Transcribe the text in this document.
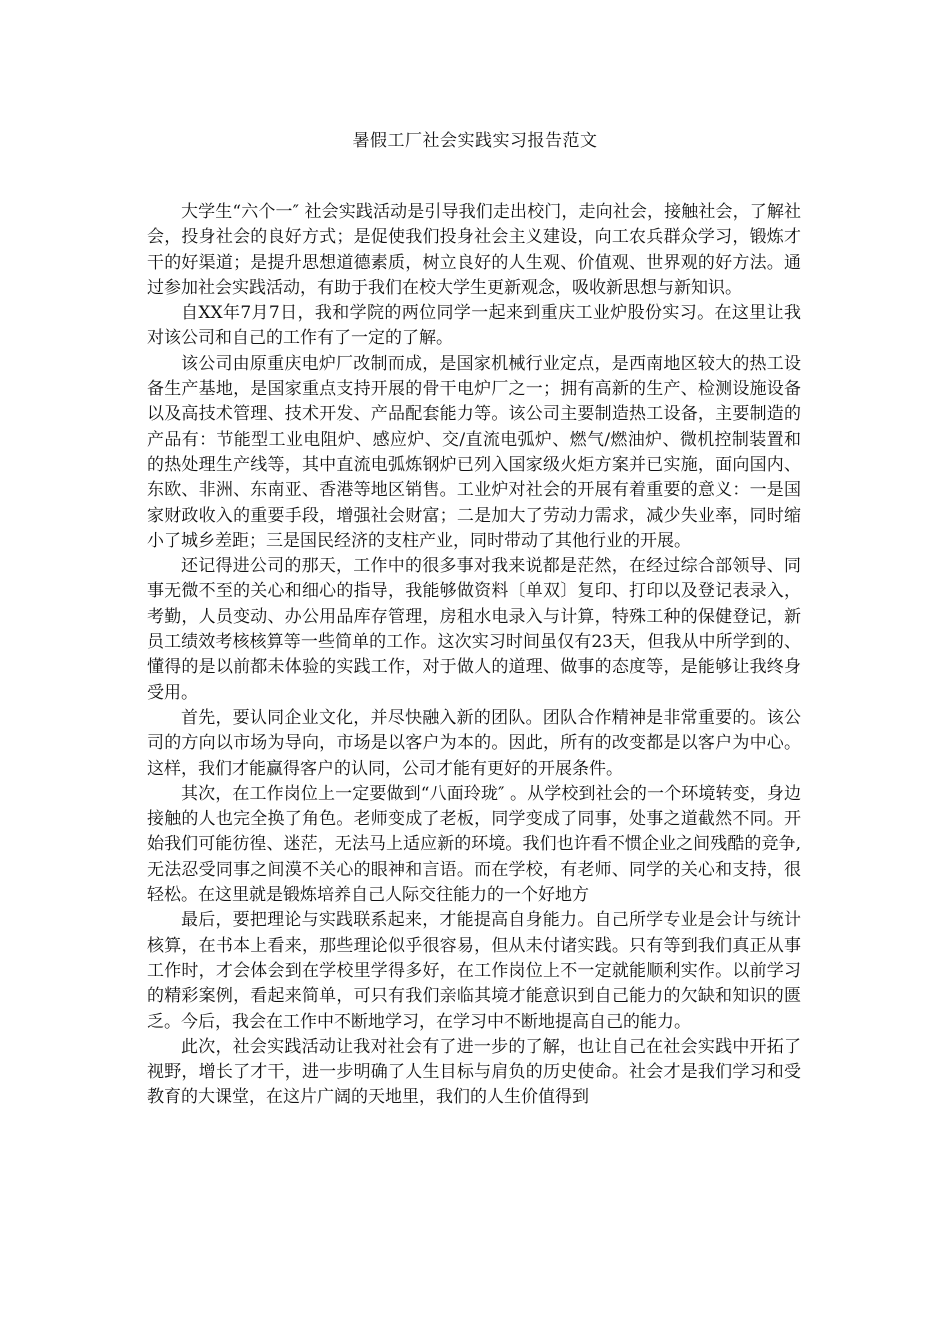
暑假工厂社会实践实习报告范文

大学生“六个一″ 社会实践活动是引导我们走出校门，走向社会，接触社会，了解社会，投身社会的良好方式；是促使我们投身社会主义建设，向工农兵群众学习，锻炼才干的好渠道；是提升思想道德素质，树立良好的人生观、价值观、世界观的好方法。通过参加社会实践活动，有助于我们在校大学生更新观念，吸收新思想与新知识。

自XX年7月7日，我和学院的两位同学一起来到重庆工业炉股份实习。在这里让我对该公司和自己的工作有了一定的了解。

该公司由原重庆电炉厂改制而成，是国家机械行业定点，是西南地区较大的热工设备生产基地，是国家重点支持开展的骨干电炉厂之一；拥有高新的生产、检测设施设备以及高技术管理、技术开发、产品配套能力等。该公司主要制造热工设备，主要制造的产品有：节能型工业电阻炉、感应炉、交/直流电弧炉、燃气/燃油炉、微机控制装置和的热处理生产线等，其中直流电弧炼钢炉已列入国家级火炬方案并已实施，面向国内、东欧、非洲、东南亚、香港等地区销售。工业炉对社会的开展有着重要的意义：一是国家财政收入的重要手段，增强社会财富；二是加大了劳动力需求，减少失业率，同时缩小了城乡差距；三是国民经济的支柱产业，同时带动了其他行业的开展。

还记得进公司的那天，工作中的很多事对我来说都是茫然，在经过综合部领导、同事无微不至的关心和细心的指导，我能够做资料〔单双〕复印、打印以及登记表录入，考勤，人员变动、办公用品库存管理，房租水电录入与计算，特殊工种的保健登记，新员工绩效考核核算等一些简单的工作。这次实习时间虽仅有23天，但我从中所学到的、懂得的是以前都未体验的实践工作，对于做人的道理、做事的态度等，是能够让我终身受用。

首先，要认同企业文化，并尽快融入新的团队。团队合作精神是非常重要的。该公司的方向以市场为导向，市场是以客户为本的。因此，所有的改变都是以客户为中心。这样，我们才能赢得客户的认同，公司才能有更好的开展条件。

其次，在工作岗位上一定要做到“八面玲珑″ 。从学校到社会的一个环境转变，身边接触的人也完全换了角色。老师变成了老板，同学变成了同事，处事之道截然不同。开始我们可能彷徨、迷茫，无法马上适应新的环境。我们也许看不惯企业之间残酷的竞争,无法忍受同事之间漠不关心的眼神和言语。而在学校，有老师、同学的关心和支持，很轻松。在这里就是锻炼培养自己人际交往能力的一个好地方

最后，要把理论与实践联系起来，才能提高自身能力。自己所学专业是会计与统计核算，在书本上看来，那些理论似乎很容易，但从未付诸实践。只有等到我们真正从事工作时，才会体会到在学校里学得多好，在工作岗位上不一定就能顺利实作。以前学习的精彩案例，看起来简单，可只有我们亲临其境才能意识到自己能力的欠缺和知识的匮乏。今后，我会在工作中不断地学习，在学习中不断地提高自己的能力。

此次，社会实践活动让我对社会有了进一步的了解，也让自己在社会实践中开拓了视野，增长了才干，进一步明确了人生目标与肩负的历史使命。社会才是我们学习和受教育的大课堂，在这片广阔的天地里，我们的人生价值得到
